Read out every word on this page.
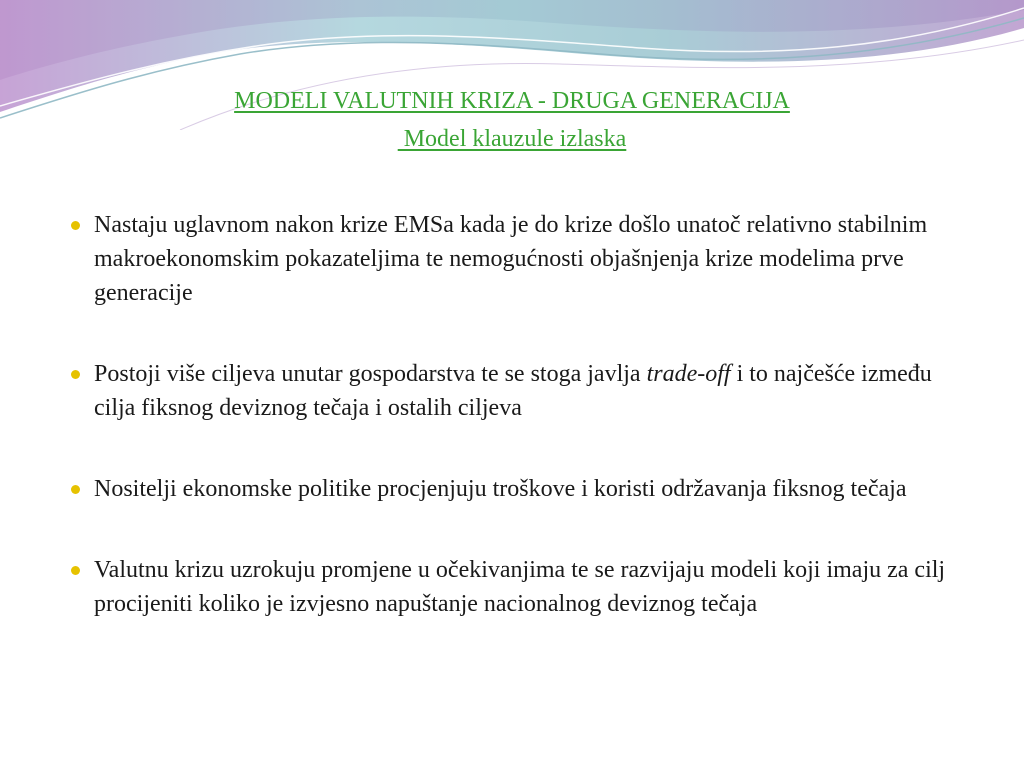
MODELI VALUTNIH KRIZA - DRUGA GENERACIJA
Model klauzule izlaska
Nastaju uglavnom nakon krize EMSa kada je do krize došlo unatoč relativno stabilnim makroekonomskim pokazateljima te nemogućnosti objašnjenja krize modelima prve generacije
Postoji više ciljeva unutar gospodarstva te se stoga javlja trade-off i to najčešće između cilja fiksnog deviznog tečaja i ostalih ciljeva
Nositelji ekonomske politike procjenjuju troškove i koristi održavanja fiksnog tečaja
Valutnu krizu uzrokuju promjene u očekivanjima te se razvijaju modeli koji imaju za cilj procijeniti koliko je izvjesno napuštanje nacionalnog deviznog tečaja
